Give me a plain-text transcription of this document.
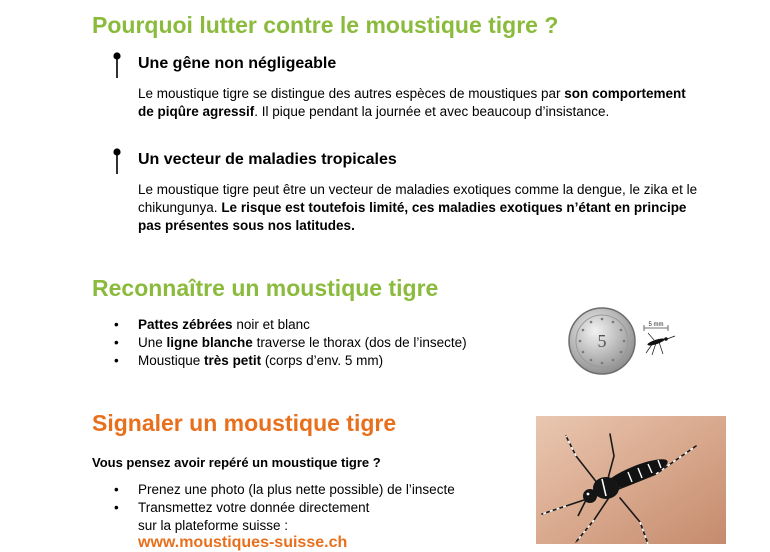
Pourquoi lutter contre le moustique tigre ?
Une gêne non négligeable
Le moustique tigre se distingue des autres espèces de moustiques par son comportement de piqûre agressif. Il pique pendant la journée et avec beaucoup d’insistance.
Un vecteur de maladies tropicales
Le moustique tigre peut être un vecteur de maladies exotiques comme la dengue, le zika et le chikungunya. Le risque est toutefois limité, ces maladies exotiques n’étant en principe pas présentes sous nos latitudes.
Reconnaître un moustique tigre
• Pattes zébrées noir et blanc
• Une ligne blanche traverse le thorax (dos de l’insecte)
• Moustique très petit (corps d’env. 5 mm)
5
5 mm
Signaler un moustique tigre
Vous pensez avoir repéré un moustique tigre ?
• Prenez une photo (la plus nette possible) de l’insecte
• Transmettez votre donnée directement
sur la plateforme suisse :
www.moustiques-suisse.ch
